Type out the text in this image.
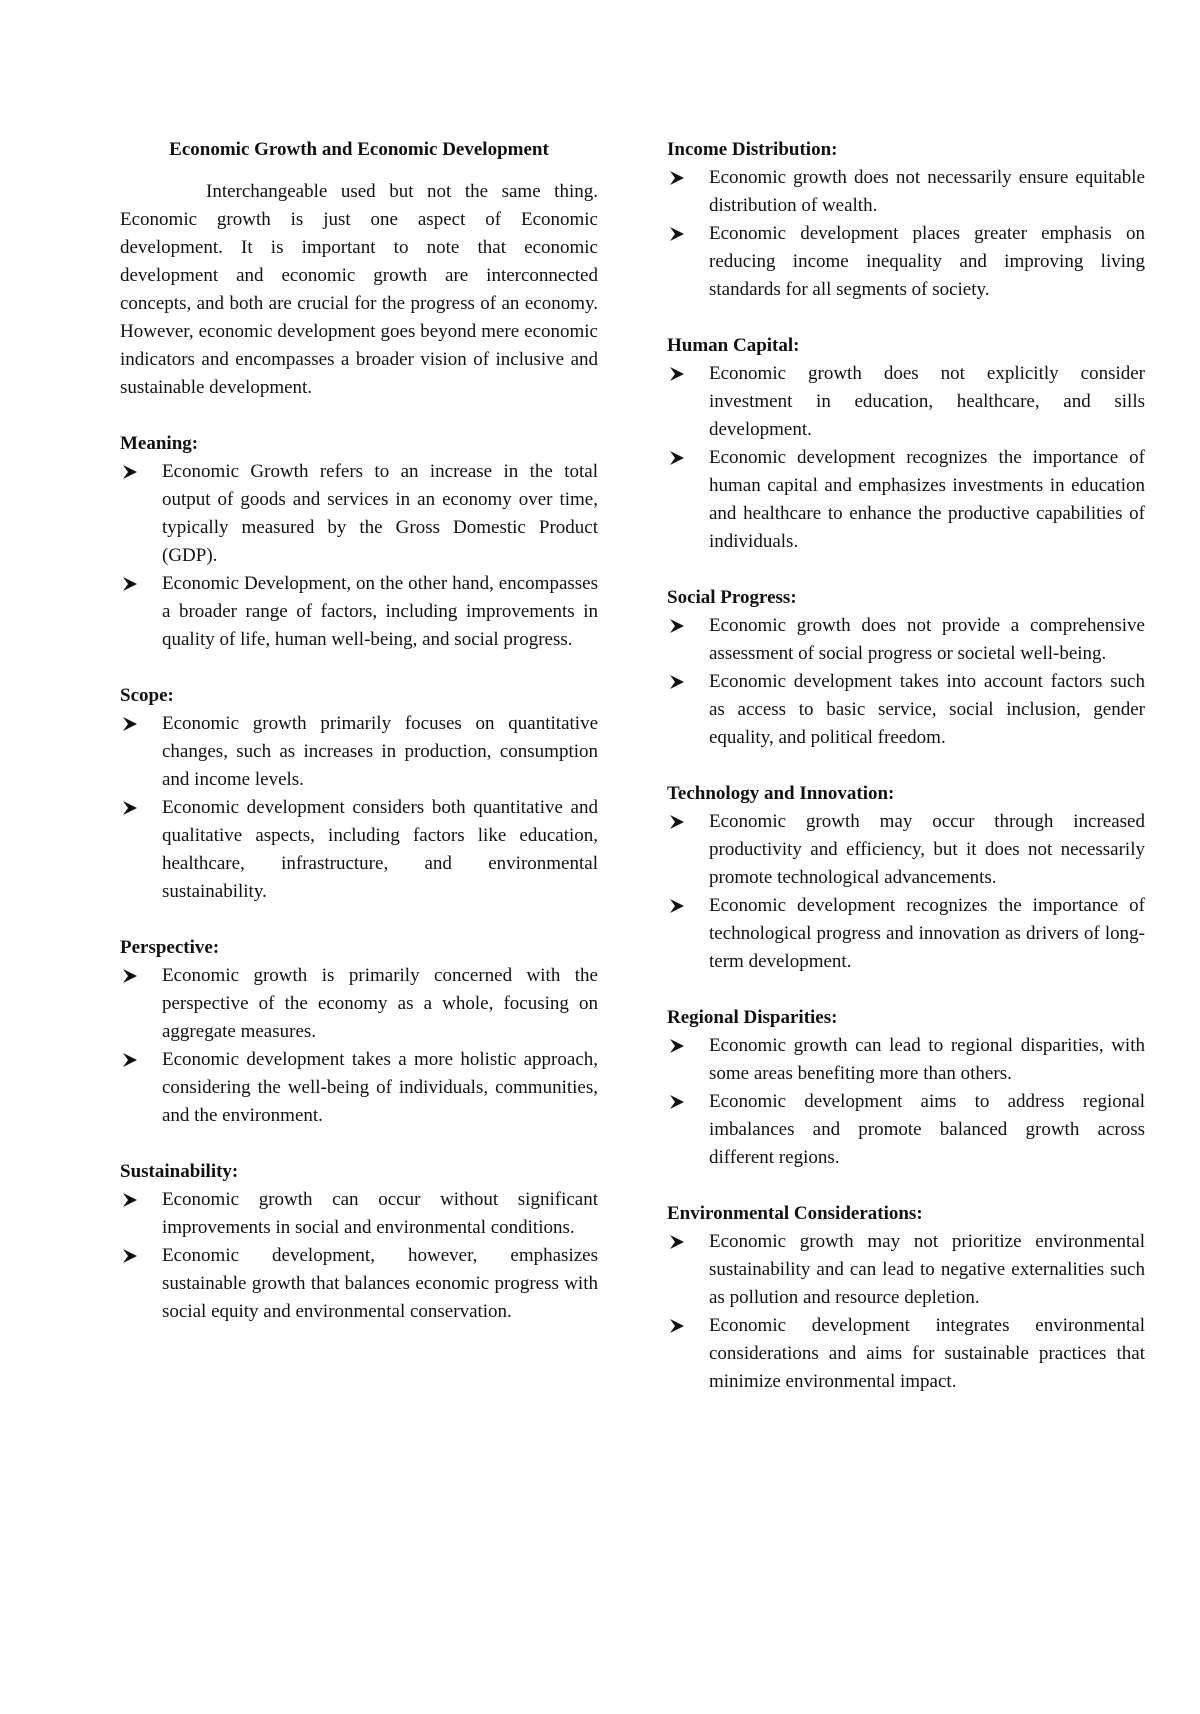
Economic Growth and Economic Development

Interchangeable used but not the same thing. Economic growth is just one aspect of Economic development. It is important to note that economic development and economic growth are interconnected concepts, and both are crucial for the progress of an economy. However, economic development goes beyond mere economic indicators and encompasses a broader vision of inclusive and sustainable development.

Meaning:

Economic Growth refers to an increase in the total output of goods and services in an economy over time, typically measured by the Gross Domestic Product (GDP).
Economic Development, on the other hand, encompasses a broader range of factors, including improvements in quality of life, human well-being, and social progress.

Scope:

Economic growth primarily focuses on quantitative changes, such as increases in production, consumption and income levels.
Economic development considers both quantitative and qualitative aspects, including factors like education, healthcare, infrastructure, and environmental sustainability.

Perspective:

Economic growth is primarily concerned with the perspective of the economy as a whole, focusing on aggregate measures.
Economic development takes a more holistic approach, considering the well-being of individuals, communities, and the environment.

Sustainability:

Economic growth can occur without significant improvements in social and environmental conditions.
Economic development, however, emphasizes sustainable growth that balances economic progress with social equity and environmental conservation.

Income Distribution:

Economic growth does not necessarily ensure equitable distribution of wealth.
Economic development places greater emphasis on reducing income inequality and improving living standards for all segments of society.

Human Capital:

Economic growth does not explicitly consider investment in education, healthcare, and sills development.
Economic development recognizes the importance of human capital and emphasizes investments in education and healthcare to enhance the productive capabilities of individuals.

Social Progress:

Economic growth does not provide a comprehensive assessment of social progress or societal well-being.
Economic development takes into account factors such as access to basic service, social inclusion, gender equality, and political freedom.

Technology and Innovation:

Economic growth may occur through increased productivity and efficiency, but it does not necessarily promote technological advancements.
Economic development recognizes the importance of technological progress and innovation as drivers of long-term development.

Regional Disparities:

Economic growth can lead to regional disparities, with some areas benefiting more than others.
Economic development aims to address regional imbalances and promote balanced growth across different regions.

Environmental Considerations:

Economic growth may not prioritize environmental sustainability and can lead to negative externalities such as pollution and resource depletion.
Economic development integrates environmental considerations and aims for sustainable practices that minimize environmental impact.
